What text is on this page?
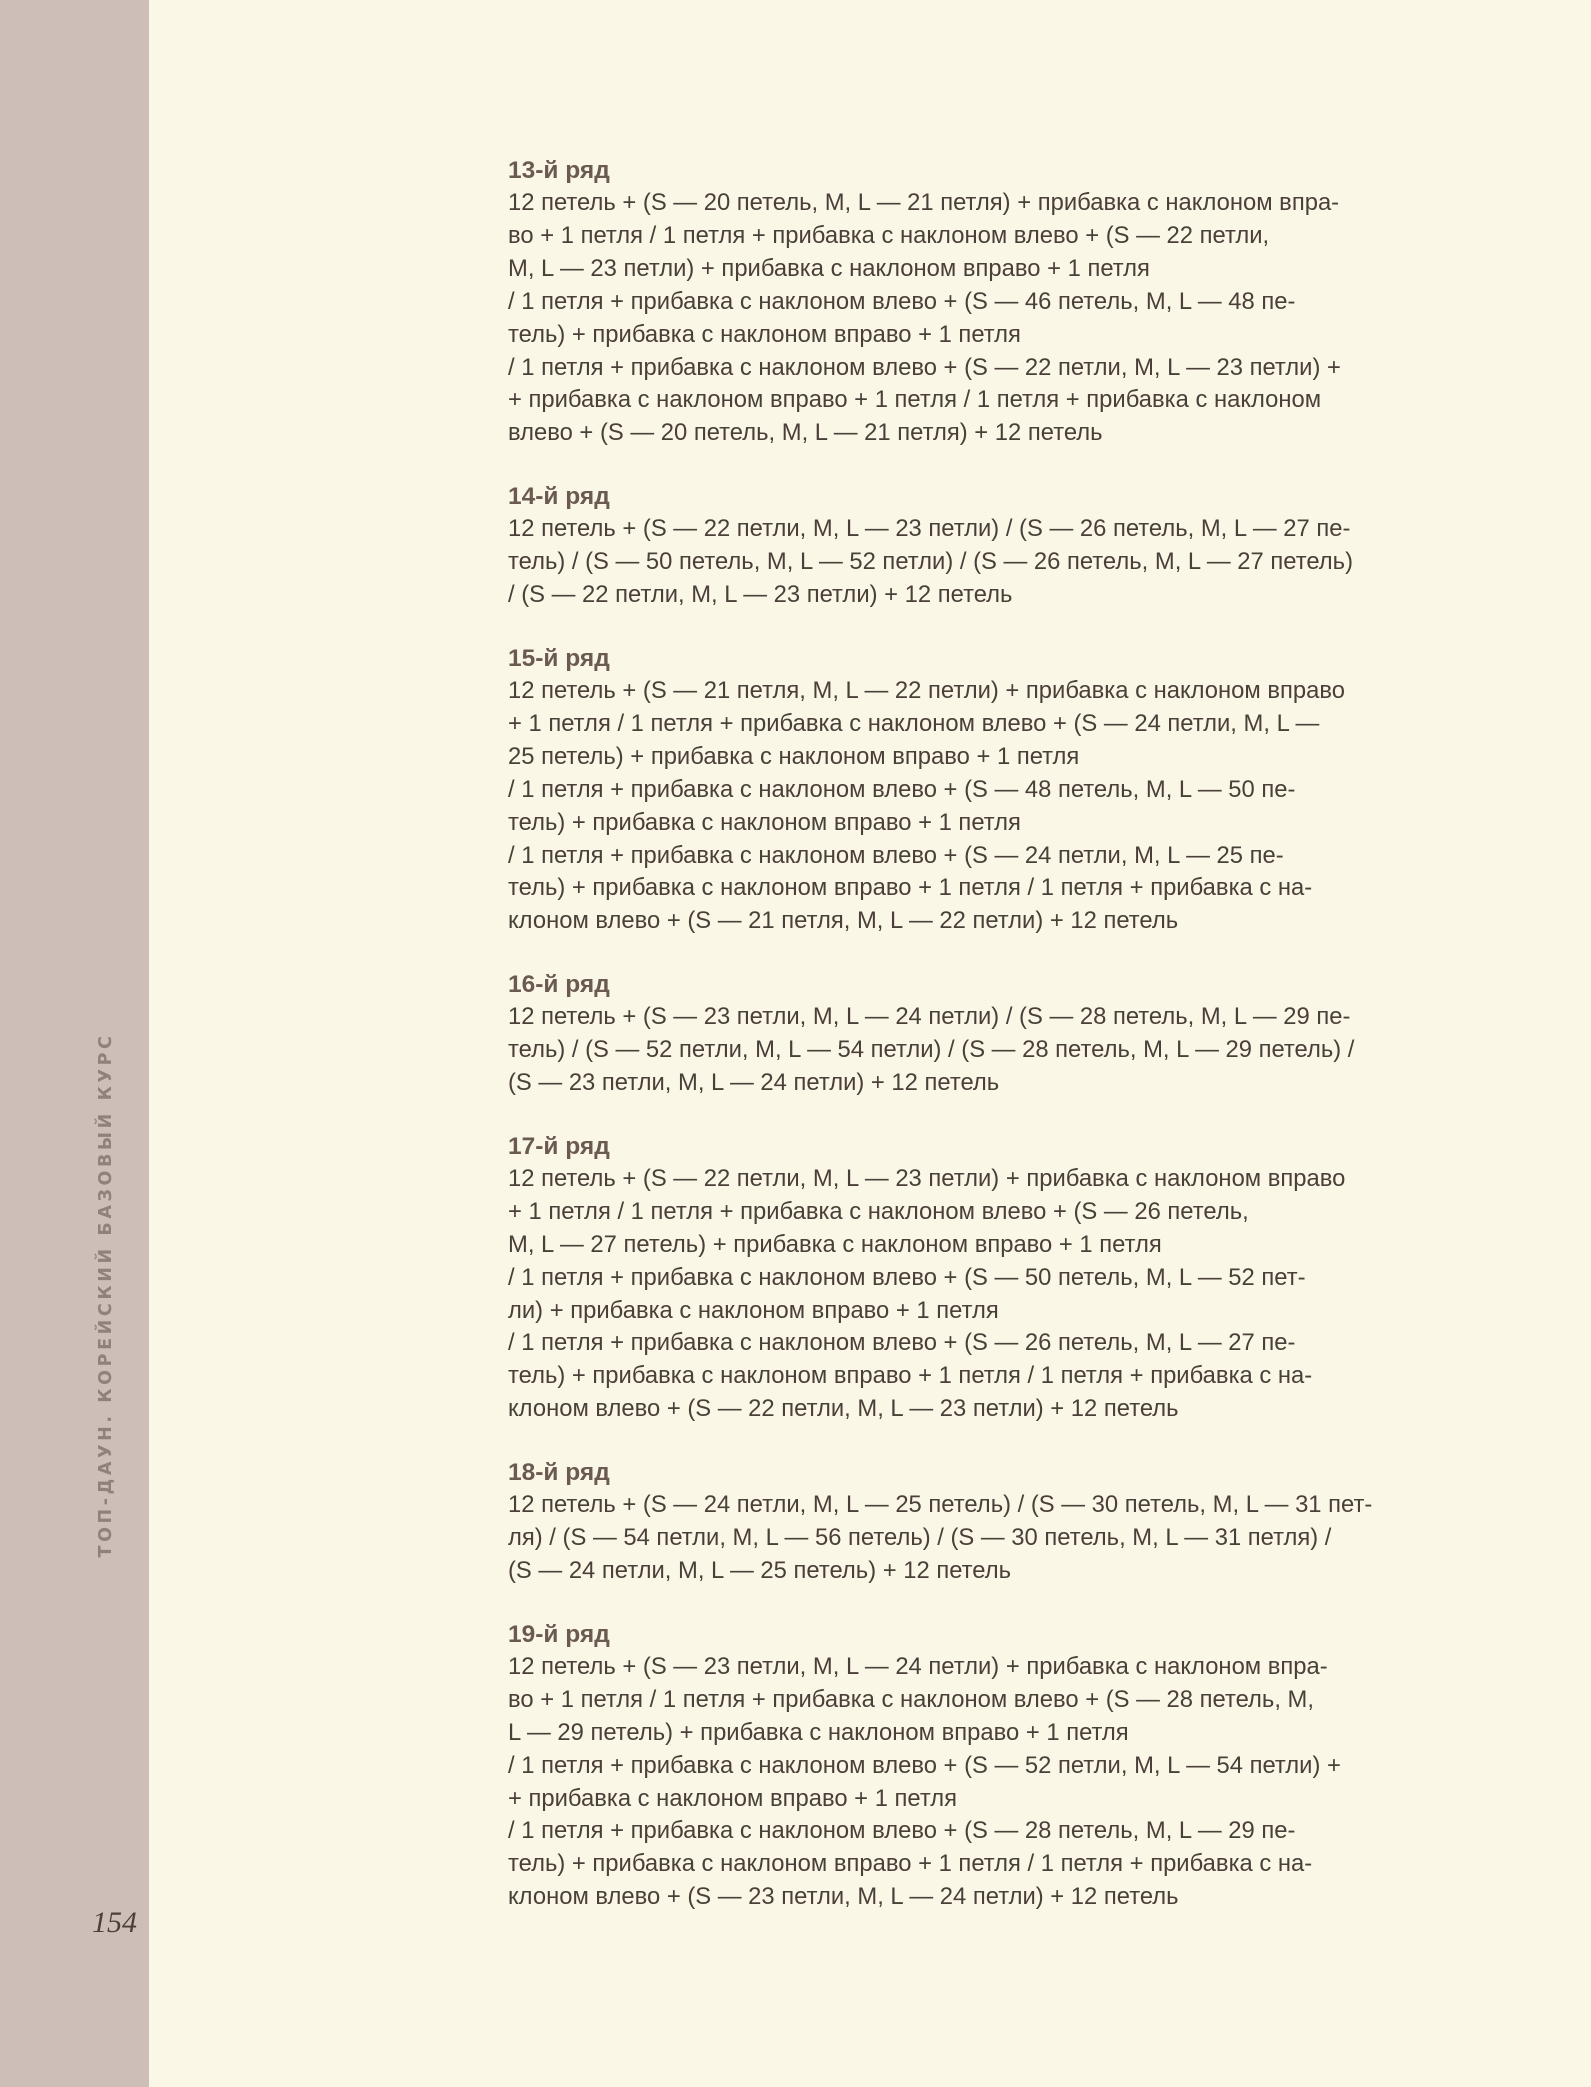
ТОП-ДАУН. КОРЕЙСКИЙ БАЗОВЫЙ КУРС
154
13-й ряд
12 петель + (S — 20 петель, M, L — 21 петля) + прибавка с наклоном впра-
во + 1 петля / 1 петля + прибавка с наклоном влево + (S — 22 петли,
M, L — 23 петли) + прибавка с наклоном вправо + 1 петля
/ 1 петля + прибавка с наклоном влево + (S — 46 петель, M, L — 48 пе-
тель) + прибавка с наклоном вправо + 1 петля
/ 1 петля + прибавка с наклоном влево + (S — 22 петли, M, L — 23 петли) +
+ прибавка с наклоном вправо + 1 петля / 1 петля + прибавка с наклоном
влево + (S — 20 петель, M, L — 21 петля) + 12 петель
14-й ряд
12 петель + (S — 22 петли, M, L — 23 петли) / (S — 26 петель, M, L — 27 пе-
тель) / (S — 50 петель, M, L — 52 петли) / (S — 26 петель, M, L — 27 петель)
/ (S — 22 петли, M, L — 23 петли) + 12 петель
15-й ряд
12 петель + (S — 21 петля, M, L — 22 петли) + прибавка с наклоном вправо
+ 1 петля / 1 петля + прибавка с наклоном влево + (S — 24 петли, M, L —
25 петель) + прибавка с наклоном вправо + 1 петля
/ 1 петля + прибавка с наклоном влево + (S — 48 петель, M, L — 50 пе-
тель) + прибавка с наклоном вправо + 1 петля
/ 1 петля + прибавка с наклоном влево + (S — 24 петли, M, L — 25 пе-
тель) + прибавка с наклоном вправо + 1 петля / 1 петля + прибавка с на-
клоном влево + (S — 21 петля, M, L — 22 петли) + 12 петель
16-й ряд
12 петель + (S — 23 петли, M, L — 24 петли) / (S — 28 петель, M, L — 29 пе-
тель) / (S — 52 петли, M, L — 54 петли) / (S — 28 петель, M, L — 29 петель) /
(S — 23 петли, M, L — 24 петли) + 12 петель
17-й ряд
12 петель + (S — 22 петли, M, L — 23 петли) + прибавка с наклоном вправо
+ 1 петля / 1 петля + прибавка с наклоном влево + (S — 26 петель,
M, L — 27 петель) + прибавка с наклоном вправо + 1 петля
/ 1 петля + прибавка с наклоном влево + (S — 50 петель, M, L — 52 пет-
ли) + прибавка с наклоном вправо + 1 петля
/ 1 петля + прибавка с наклоном влево + (S — 26 петель, M, L — 27 пе-
тель) + прибавка с наклоном вправо + 1 петля / 1 петля + прибавка с на-
клоном влево + (S — 22 петли, M, L — 23 петли) + 12 петель
18-й ряд
12 петель + (S — 24 петли, M, L — 25 петель) / (S — 30 петель, M, L — 31 пет-
ля) / (S — 54 петли, M, L — 56 петель) / (S — 30 петель, M, L — 31 петля) /
(S — 24 петли, M, L — 25 петель) + 12 петель
19-й ряд
12 петель + (S — 23 петли, M, L — 24 петли) + прибавка с наклоном впра-
во + 1 петля / 1 петля + прибавка с наклоном влево + (S — 28 петель, M,
L — 29 петель) + прибавка с наклоном вправо + 1 петля
/ 1 петля + прибавка с наклоном влево + (S — 52 петли, M, L — 54 петли) +
+ прибавка с наклоном вправо + 1 петля
/ 1 петля + прибавка с наклоном влево + (S — 28 петель, M, L — 29 пе-
тель) + прибавка с наклоном вправо + 1 петля / 1 петля + прибавка с на-
клоном влево + (S — 23 петли, M, L — 24 петли) + 12 петель
